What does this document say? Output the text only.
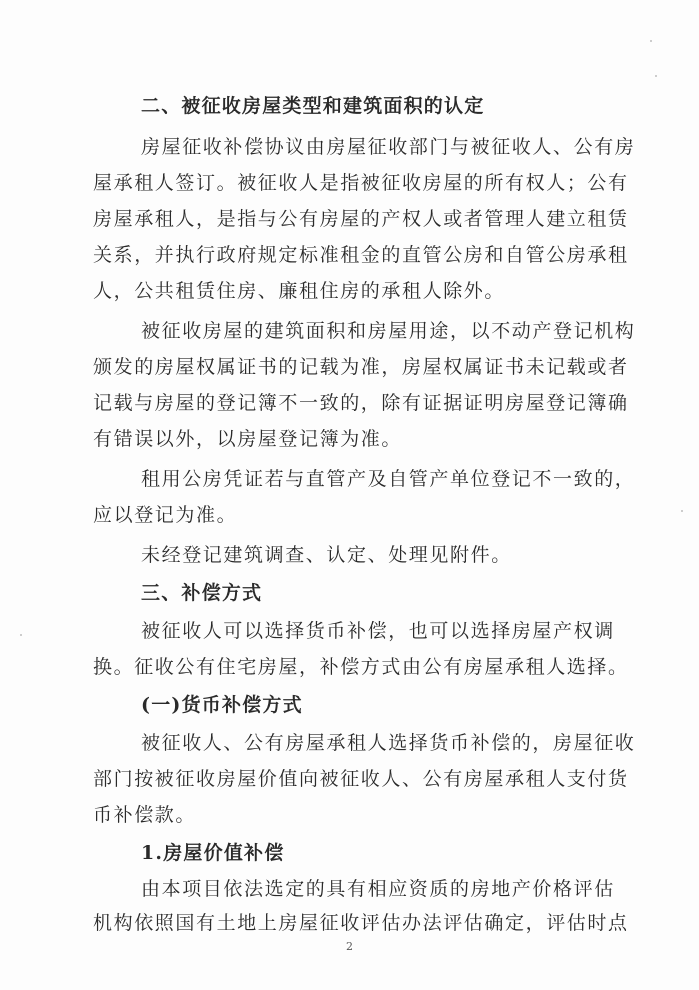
二、被征收房屋类型和建筑面积的认定
房屋征收补偿协议由房屋征收部门与被征收人、公有房
屋承租人签订。被征收人是指被征收房屋的所有权人；公有
房屋承租人，是指与公有房屋的产权人或者管理人建立租赁
关系，并执行政府规定标准租金的直管公房和自管公房承租
人，公共租赁住房、廉租住房的承租人除外。
被征收房屋的建筑面积和房屋用途，以不动产登记机构
颁发的房屋权属证书的记载为准，房屋权属证书未记载或者
记载与房屋的登记簿不一致的，除有证据证明房屋登记簿确
有错误以外，以房屋登记簿为准。
租用公房凭证若与直管产及自管产单位登记不一致的，
应以登记为准。
未经登记建筑调查、认定、处理见附件。
三、补偿方式
被征收人可以选择货币补偿，也可以选择房屋产权调
换。征收公有住宅房屋，补偿方式由公有房屋承租人选择。
(一)货币补偿方式
被征收人、公有房屋承租人选择货币补偿的，房屋征收
部门按被征收房屋价值向被征收人、公有房屋承租人支付货
币补偿款。
1.房屋价值补偿
由本项目依法选定的具有相应资质的房地产价格评估
机构依照国有土地上房屋征收评估办法评估确定，评估时点
2
